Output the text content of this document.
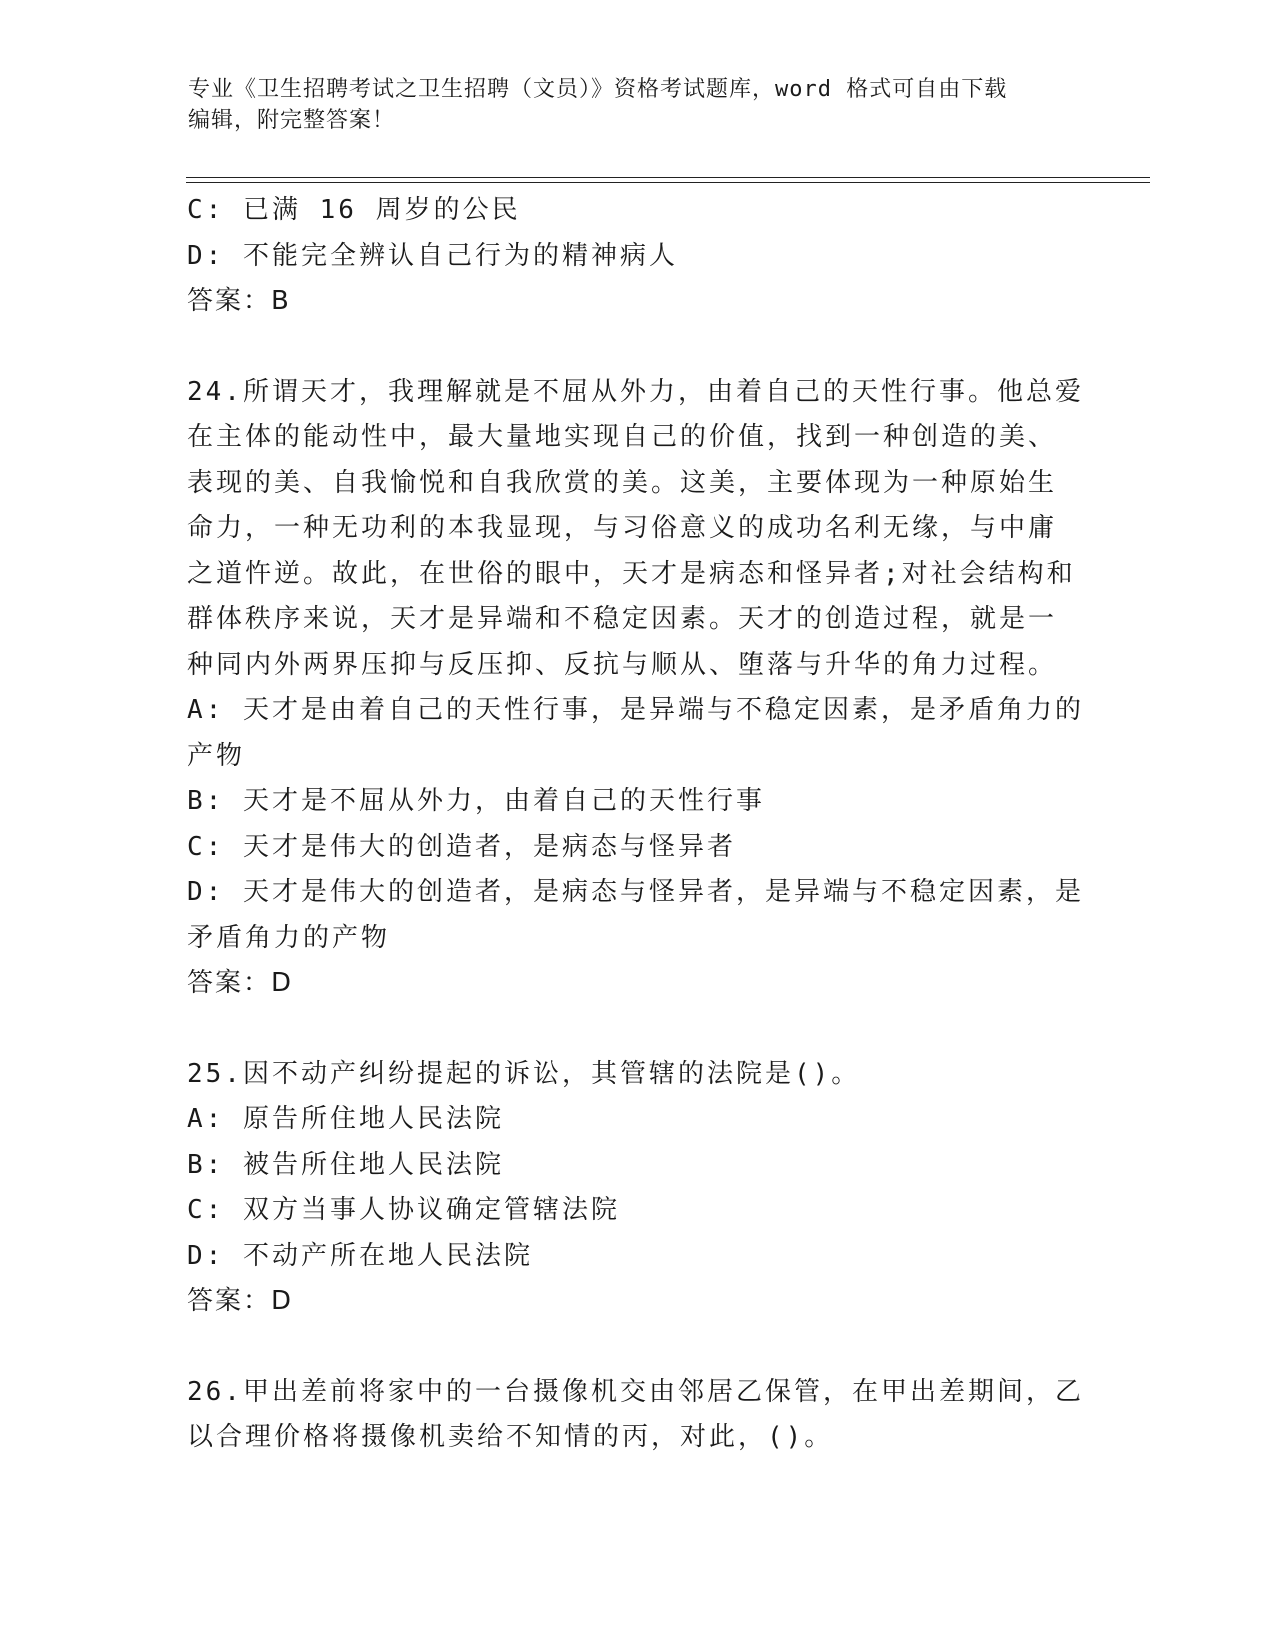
专业《卫生招聘考试之卫生招聘（文员）》资格考试题库，word 格式可自由下载
编辑，附完整答案！
C: 已满 16 周岁的公民
D: 不能完全辨认自己行为的精神病人
答案：B
24.所谓天才，我理解就是不屈从外力，由着自己的天性行事。他总爱
在主体的能动性中，最大量地实现自己的价值，找到一种创造的美、
表现的美、自我愉悦和自我欣赏的美。这美，主要体现为一种原始生
命力，一种无功利的本我显现，与习俗意义的成功名利无缘，与中庸
之道忤逆。故此，在世俗的眼中，天才是病态和怪异者;对社会结构和
群体秩序来说，天才是异端和不稳定因素。天才的创造过程，就是一
种同内外两界压抑与反压抑、反抗与顺从、堕落与升华的角力过程。
A: 天才是由着自己的天性行事，是异端与不稳定因素，是矛盾角力的
产物
B: 天才是不屈从外力，由着自己的天性行事
C: 天才是伟大的创造者，是病态与怪异者
D: 天才是伟大的创造者，是病态与怪异者，是异端与不稳定因素，是
矛盾角力的产物
答案：D
25.因不动产纠纷提起的诉讼，其管辖的法院是()。
A: 原告所住地人民法院
B: 被告所住地人民法院
C: 双方当事人协议确定管辖法院
D: 不动产所在地人民法院
答案：D
26.甲出差前将家中的一台摄像机交由邻居乙保管，在甲出差期间，乙
以合理价格将摄像机卖给不知情的丙，对此，()。
